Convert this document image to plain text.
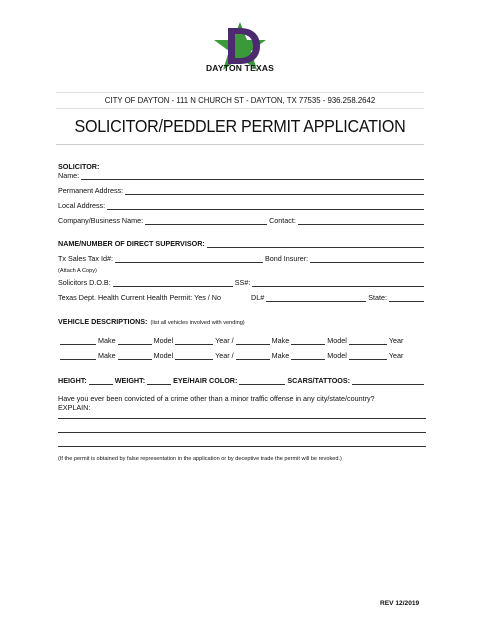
DAYTON TEXAS
CITY OF DAYTON - 111 N CHURCH ST - DAYTON, TX 77535 - 936.258.2642
SOLICITOR/PEDDLER PERMIT APPLICATION
SOLICITOR:
Name:
Permanent Address:
Local Address:
Company/Business Name:	Contact:
NAME/NUMBER OF DIRECT SUPERVISOR:
Tx Sales Tax Id#:	Bond Insurer:
(Attach A Copy)
Solicitors D.O.B:	SS#:
Texas Dept. Health Current Health Permit: Yes / No	DL#	State:
VEHICLE DESCRIPTIONS: (list all vehicles involved with vending)
Make	Model	Year /	Make	Model	Year
Make	Model	Year /	Make	Model	Year
HEIGHT:	WEIGHT:	EYE/HAIR COLOR:	SCARS/TATTOOS:
Have you ever been convicted of a crime other than a minor traffic offense in any city/state/country?
EXPLAIN:
(If the permit is obtained by false representation in the application or by deceptive trade the permit will be revoked.)
REV 12/2019
